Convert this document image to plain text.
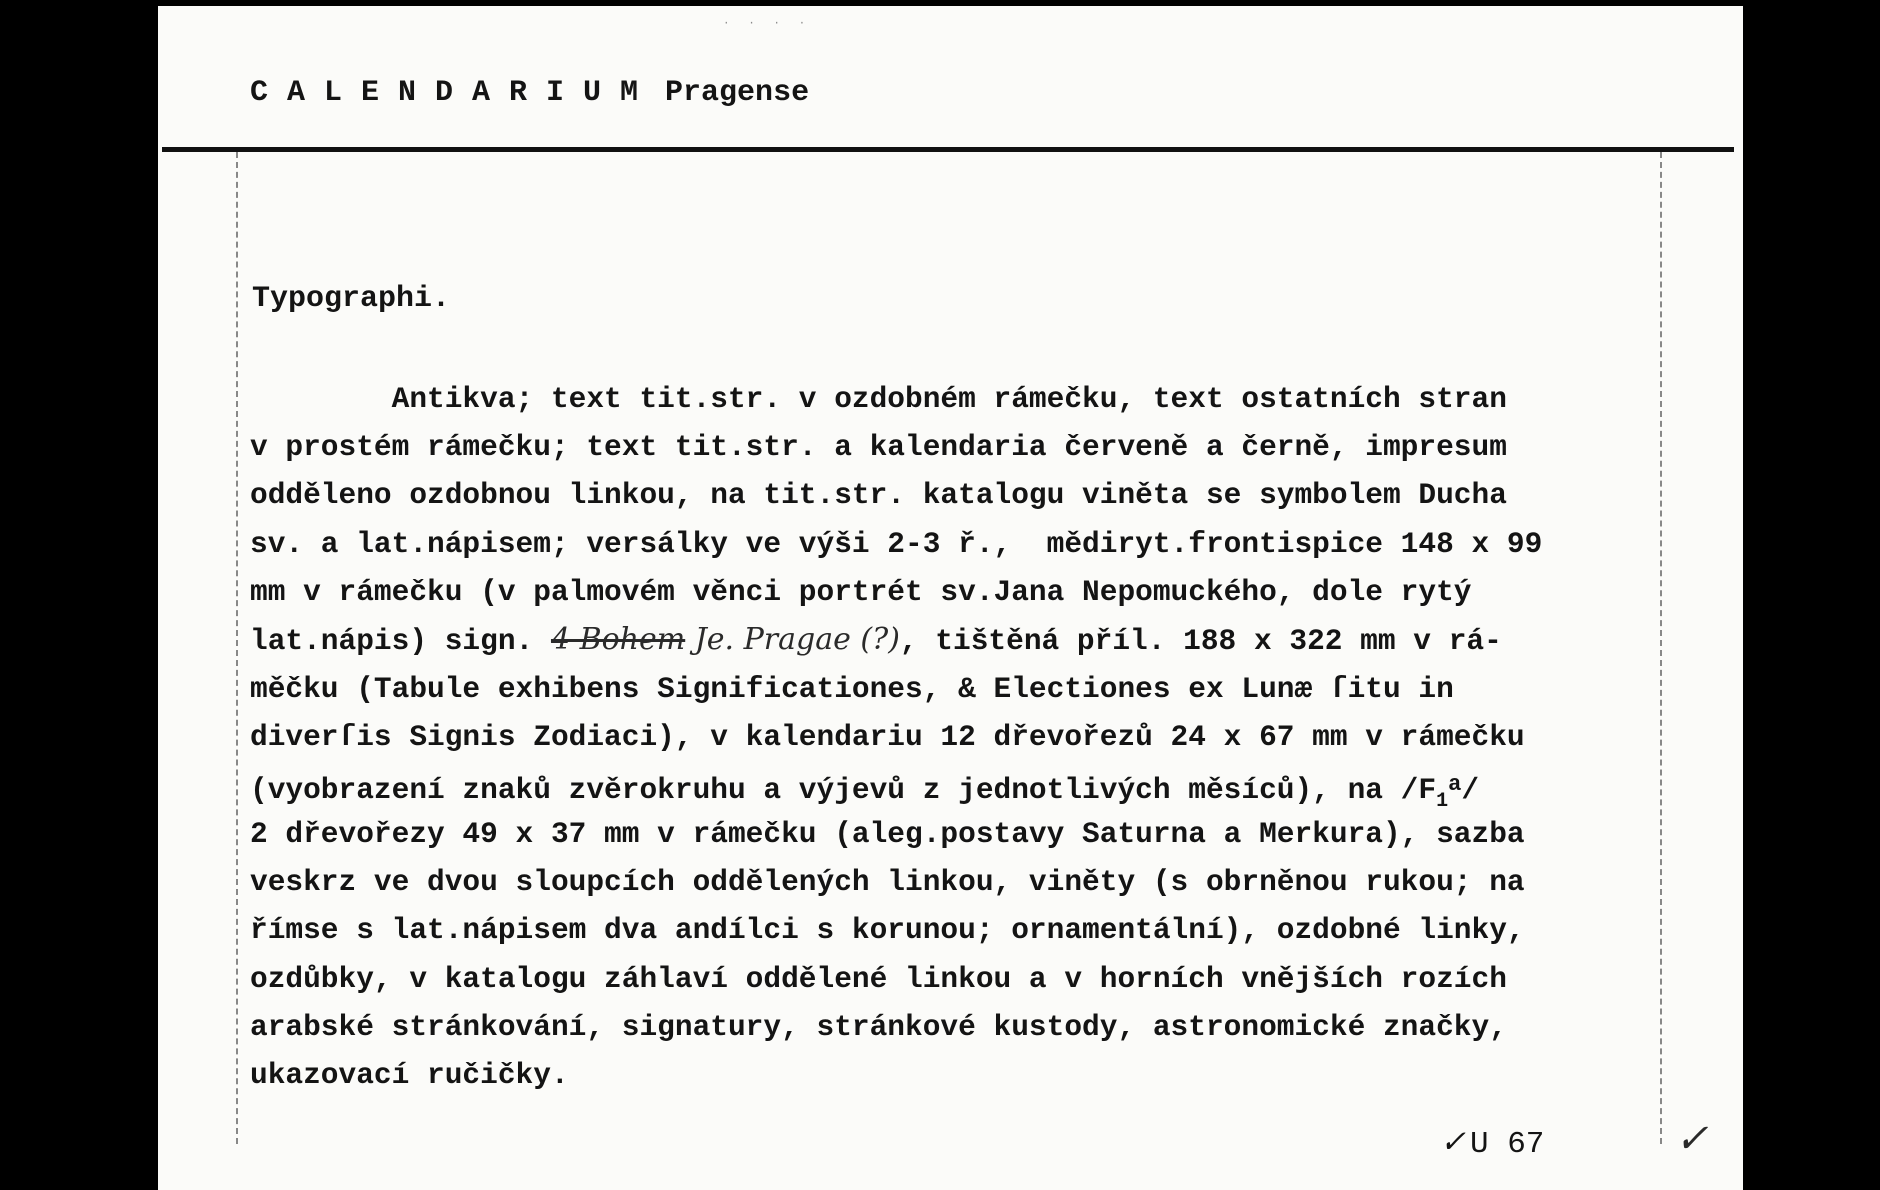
· · · ·
CALENDARIUM Pragense
Typographi.
Antikva; text tit.str. v ozdobném rámečku, text ostatních stran
v prostém rámečku; text tit.str. a kalendaria červeně a černě, impresum
odděleno ozdobnou linkou, na tit.str. katalogu viněta se symbolem Ducha
sv. a lat.nápisem; versálky ve výši 2-3 ř.,  mědiryt.frontispice 148 x 99
mm v rámečku (v palmovém věnci portrét sv.Jana Nepomuckého, dole rytý
lat.nápis) sign. 4 Bohem Je. Pragae (?), tištěná příl. 188 x 322 mm v rá-
měčku (Tabule exhibens Significationes, & Electiones ex Lunæ ſitu in
diverſis Signis Zodiaci), v kalendariu 12 dřevořezů 24 x 67 mm v rámečku
(vyobrazení znaků zvěrokruhu a výjevů z jednotlivých měsíců), na $/F_1^a/$
2 dřevořezy 49 x 37 mm v rámečku (aleg.postavy Saturna a Merkura), sazba
veskrz ve dvou sloupcích oddělených linkou, viněty (s obrněnou rukou; na
římse s lat.nápisem dva andílci s korunou; ornamentální), ozdobné linky,
ozdůbky, v katalogu záhlaví oddělené linkou a v horních vnějších rozích
arabské stránkování, signatury, stránkové kustody, astronomické značky,
ukazovací ručičky.
✓ U 67	✓
